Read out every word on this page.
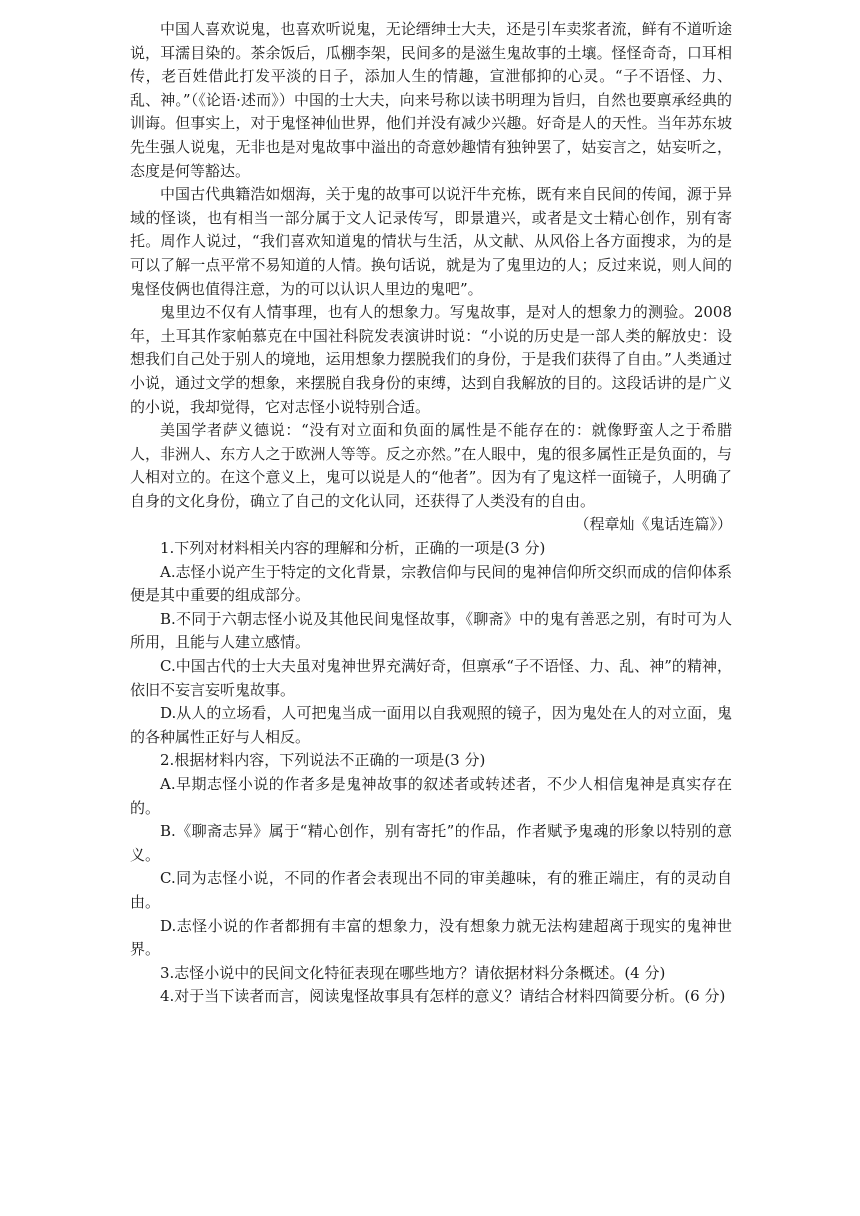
中国人喜欢说鬼，也喜欢听说鬼，无论缙绅士大夫，还是引车卖浆者流，鲜有不道听途说，耳濡目染的。茶余饭后，瓜棚李架，民间多的是滋生鬼故事的土壤。怪怪奇奇，口耳相传，老百姓借此打发平淡的日子，添加人生的情趣，宣泄郁抑的心灵。“子不语怪、力、乱、神。”（《论语·述而》）中国的士大夫，向来号称以读书明理为旨归，自然也要禀承经典的训诲。但事实上，对于鬼怪神仙世界，他们并没有减少兴趣。好奇是人的天性。当年苏东坡先生强人说鬼，无非也是对鬼故事中溢出的奇意妙趣情有独钟罢了，姑妄言之，姑妄听之，态度是何等豁达。

中国古代典籍浩如烟海，关于鬼的故事可以说汗牛充栋，既有来自民间的传闻，源于异域的怪谈，也有相当一部分属于文人记录传写，即景遣兴，或者是文士精心创作，别有寄托。周作人说过，“我们喜欢知道鬼的情状与生活，从文献、从风俗上各方面搜求，为的是可以了解一点平常不易知道的人情。换句话说，就是为了鬼里边的人；反过来说，则人间的鬼怪伎俩也值得注意，为的可以认识人里边的鬼吧”。

鬼里边不仅有人情事理，也有人的想象力。写鬼故事，是对人的想象力的测验。2008 年，土耳其作家帕慕克在中国社科院发表演讲时说：“小说的历史是一部人类的解放史：设想我们自己处于别人的境地，运用想象力摆脱我们的身份，于是我们获得了自由。”人类通过小说，通过文学的想象，来摆脱自我身份的束缚，达到自我解放的目的。这段话讲的是广义的小说，我却觉得，它对志怪小说特别合适。

美国学者萨义德说：“没有对立面和负面的属性是不能存在的：就像野蛮人之于希腊人，非洲人、东方人之于欧洲人等等。反之亦然。”在人眼中，鬼的很多属性正是负面的，与人相对立的。在这个意义上，鬼可以说是人的“他者”。因为有了鬼这样一面镜子，人明确了自身的文化身份，确立了自己的文化认同，还获得了人类没有的自由。

（程章灿《鬼话连篇》）

1.下列对材料相关内容的理解和分析，正确的一项是(3 分)

A.志怪小说产生于特定的文化背景，宗教信仰与民间的鬼神信仰所交织而成的信仰体系便是其中重要的组成部分。

B.不同于六朝志怪小说及其他民间鬼怪故事，《聊斋》中的鬼有善恶之别，有时可为人所用，且能与人建立感情。

C.中国古代的士大夫虽对鬼神世界充满好奇，但禀承“子不语怪、力、乱、神”的精神，依旧不妄言妄听鬼故事。

D.从人的立场看，人可把鬼当成一面用以自我观照的镜子，因为鬼处在人的对立面，鬼的各种属性正好与人相反。

2.根据材料内容，下列说法不正确的一项是(3 分)

A.早期志怪小说的作者多是鬼神故事的叙述者或转述者，不少人相信鬼神是真实存在的。

B.《聊斋志异》属于“精心创作，别有寄托”的作品，作者赋予鬼魂的形象以特别的意义。

C.同为志怪小说，不同的作者会表现出不同的审美趣味，有的雅正端庄，有的灵动自由。

D.志怪小说的作者都拥有丰富的想象力，没有想象力就无法构建超离于现实的鬼神世界。

3.志怪小说中的民间文化特征表现在哪些地方？请依据材料分条概述。(4 分)

4.对于当下读者而言，阅读鬼怪故事具有怎样的意义？请结合材料四简要分析。(6 分)
